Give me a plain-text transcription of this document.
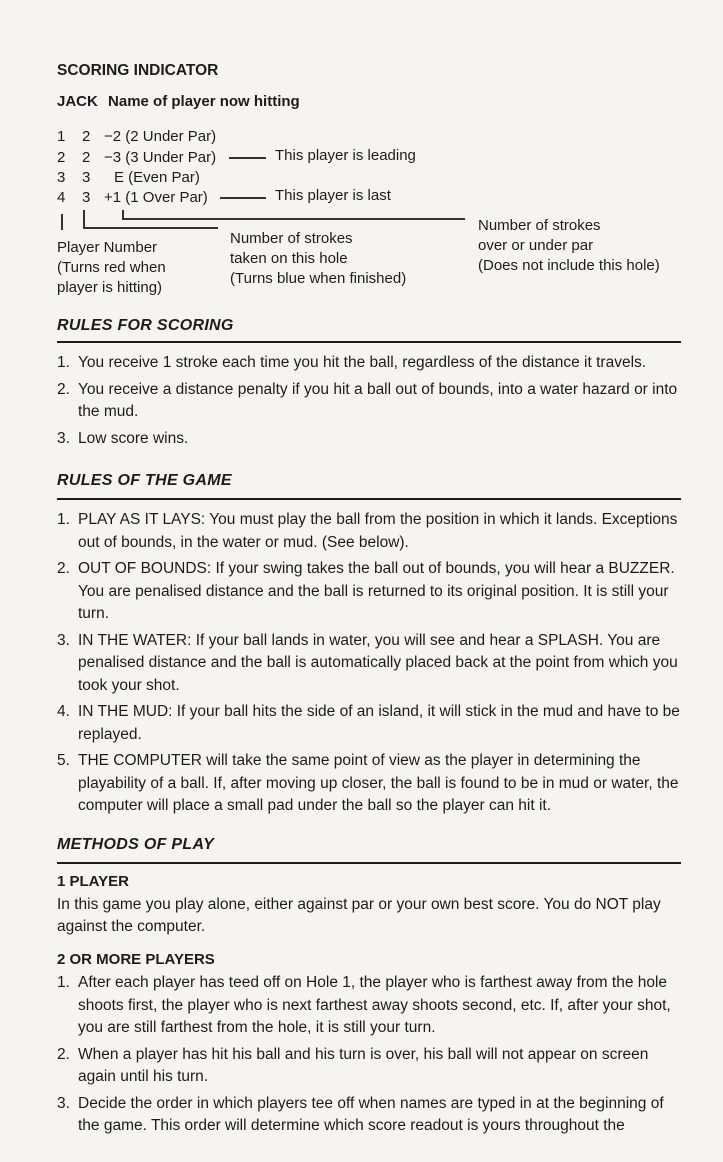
SCORING INDICATOR
JACK Name of player now hitting
1	2 −2 (2 Under Par)
2	2 −3 (3 Under Par)
3	3	E (Even Par)
4	3 +1 (1 Over Par)
This player is leading
This player is last
Player Number
(Turns red when
player is hitting)
Number of strokes
taken on this hole
(Turns blue when finished)
Number of strokes
over or under par
(Does not include this hole)
RULES FOR SCORING
1. You receive 1 stroke each time you hit the ball, regardless of the distance it travels.
2. You receive a distance penalty if you hit a ball out of bounds, into a water hazard or into the mud.
3. Low score wins.
RULES OF THE GAME
1. PLAY AS IT LAYS: You must play the ball from the position in which it lands. Exceptions out of bounds, in the water or mud. (See below).
2. OUT OF BOUNDS: If your swing takes the ball out of bounds, you will hear a BUZZER. You are penalised distance and the ball is returned to its original position. It is still your turn.
3. IN THE WATER: If your ball lands in water, you will see and hear a SPLASH. You are penalised distance and the ball is automatically placed back at the point from which you took your shot.
4. IN THE MUD: If your ball hits the side of an island, it will stick in the mud and have to be replayed.
5. THE COMPUTER will take the same point of view as the player in determining the playability of a ball. If, after moving up closer, the ball is found to be in mud or water, the computer will place a small pad under the ball so the player can hit it.
METHODS OF PLAY
1 PLAYER
In this game you play alone, either against par or your own best score. You do NOT play against the computer.
2 OR MORE PLAYERS
1. After each player has teed off on Hole 1, the player who is farthest away from the hole shoots first, the player who is next farthest away shoots second, etc. If, after your shot, you are still farthest from the hole, it is still your turn.
2. When a player has hit his ball and his turn is over, his ball will not appear on screen again until his turn.
3. Decide the order in which players tee off when names are typed in at the beginning of the game. This order will determine which score readout is yours throughout the
